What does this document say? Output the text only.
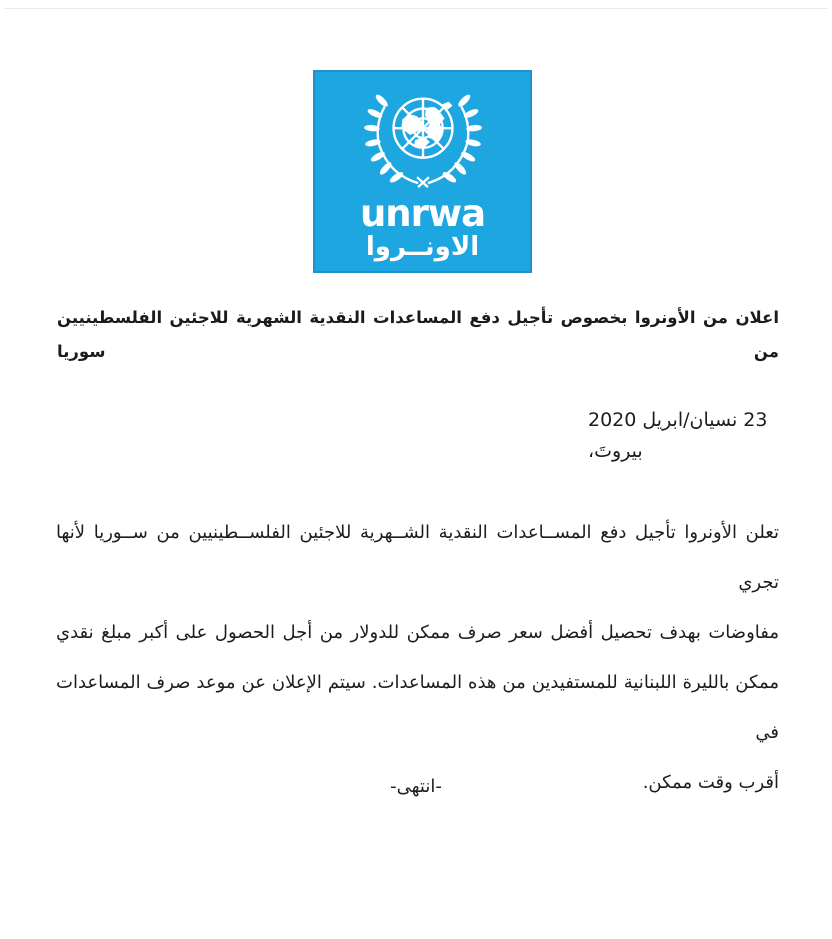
unrwa
الاونــروا
اعلان من الأونروا بخصوص تأجيل دفع المساعدات النقدية الشهرية للاجئين الفلسطينيين من سوريا
23 نسيان/ابريل 2020
بيروتَ،
تعلن الأونروا تأجيل دفع المســاعدات النقدية الشــهرية للاجئين الفلســطينيين من ســوريا لأنها تجري
مفاوضات بهدف تحصيل أفضل سعر صرف ممكن للدولار من أجل الحصول على أكبر مبلغ نقدي
ممكن بالليرة اللبنانية للمستفيدين من هذه المساعدات. سيتم الإعلان عن موعد صرف المساعدات في
أقرب وقت ممكن.
-انتهى-
